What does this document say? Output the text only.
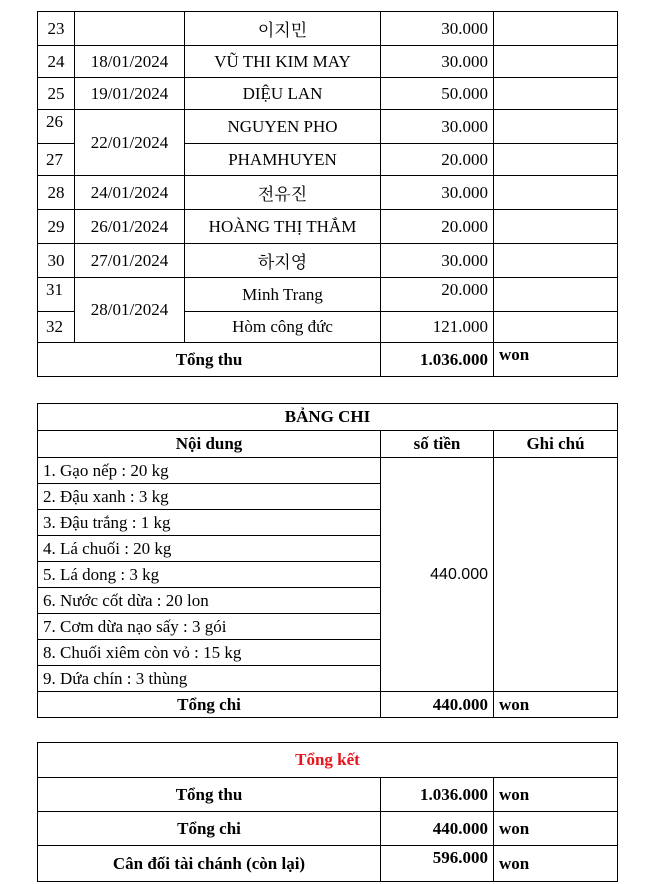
23		이지민	30.000	
24	18/01/2024	VŨ THI KIM MAY	30.000	
25	19/01/2024	DIỆU LAN	50.000	
26	22/01/2024	NGUYEN PHO	30.000	
27		PHAMHUYEN	20.000	
28	24/01/2024	전유진	30.000	
29	26/01/2024	HOÀNG THỊ THẮM	20.000	
30	27/01/2024	하지영	30.000	
31	28/01/2024	Minh Trang	20.000	
32		Hòm công đức	121.000	
Tổng thu			1.036.000	won
BẢNG CHI		
Nội dung	số tiền	Ghi chú
1. Gạo nếp : 20 kg	440.000	
2. Đậu xanh : 3 kg		
3. Đậu trắng : 1 kg		
4. Lá chuối : 20 kg		
5. Lá dong : 3 kg		
6. Nước cốt dừa : 20 lon		
7. Cơm dừa nạo sấy : 3 gói		
8. Chuối xiêm còn vỏ : 15 kg		
9. Dứa chín : 3 thùng		
Tổng chi	440.000	won
Tổng kết		
Tổng thu	1.036.000	won
Tổng chi	440.000	won
Cân đối tài chánh (còn lại)	596.000	won
